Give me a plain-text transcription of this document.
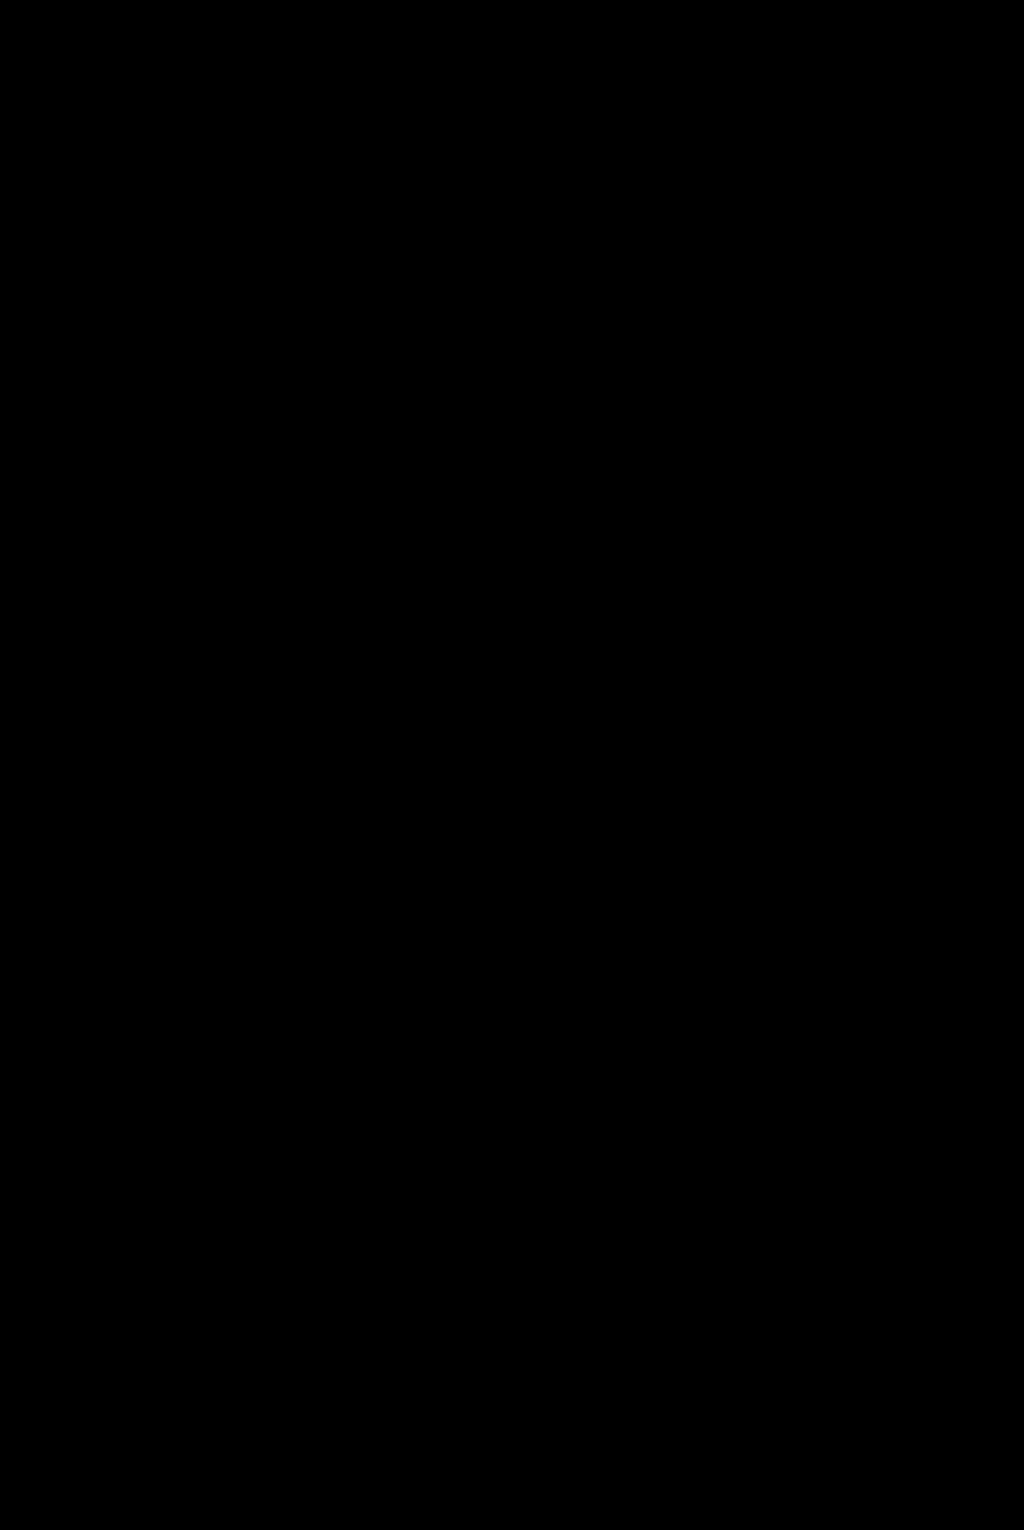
Kungl. Maj:ts proposition nr 18 år 1961	35

improving conditions of work and raising standards of living.

5. Such consultation and co-operation should aim, in particular—

(a) at joint consideration by employers' and workers' organisations of matters of mutual concern with a view to arriving, to the fullest possible extent, at agreed solutions; and

(b) at ensuring that the competent public authorities seek the views, advice and assistance of employers' and workers' organisations in an appropriate manner, in respect of such matters as—

(i) the preparation and implementation of laws and regulations affecting their interests;

(ii) the establishment and functioning of national bodies, such as those responsible for organisation of employment, vocational training and retraining, labour protection, industrial health and safety, productivity, social security and welfare; and

(iii) the elaboration and implementation of plans of economic and social development.

skilda grenar därav, förbättra arbetsvillkoren samt höja levnadsstandarden.

5. Ifrågavarande samråd och samverkan böra särskilt ha till uppgift att

a) få till stånd en gemensam prövning av angelägenheter av ömsesidigt intresse för arbetsgivarnas och arbetstagarnas organisationer i syfte att i största möjliga utsträckning nå fram till lösningar i samförstånd; samt

b) skapa garantier för att de offentliga myndigheterna på lämpligt sätt inhämta arbetsgivar- och arbetstagarorganisationernas synpunkter, råd och bistånd i frågor avseende exempelvis

i) förberedelse och genomförande av lagstiftning, som berör organisationernas intressen;

ii) inrättande och förvaltning av sådana nationella organ som ha att svara för sysselsättningens organisation, yrkesutbildning och omskolning, arbetarskydd, sundhet och säkerhet i arbetet, produktivitet, social trygghet och välfärd; samt

iii) utarbetandet och genomförandet av planer för ekonomisk och social utveckling.
